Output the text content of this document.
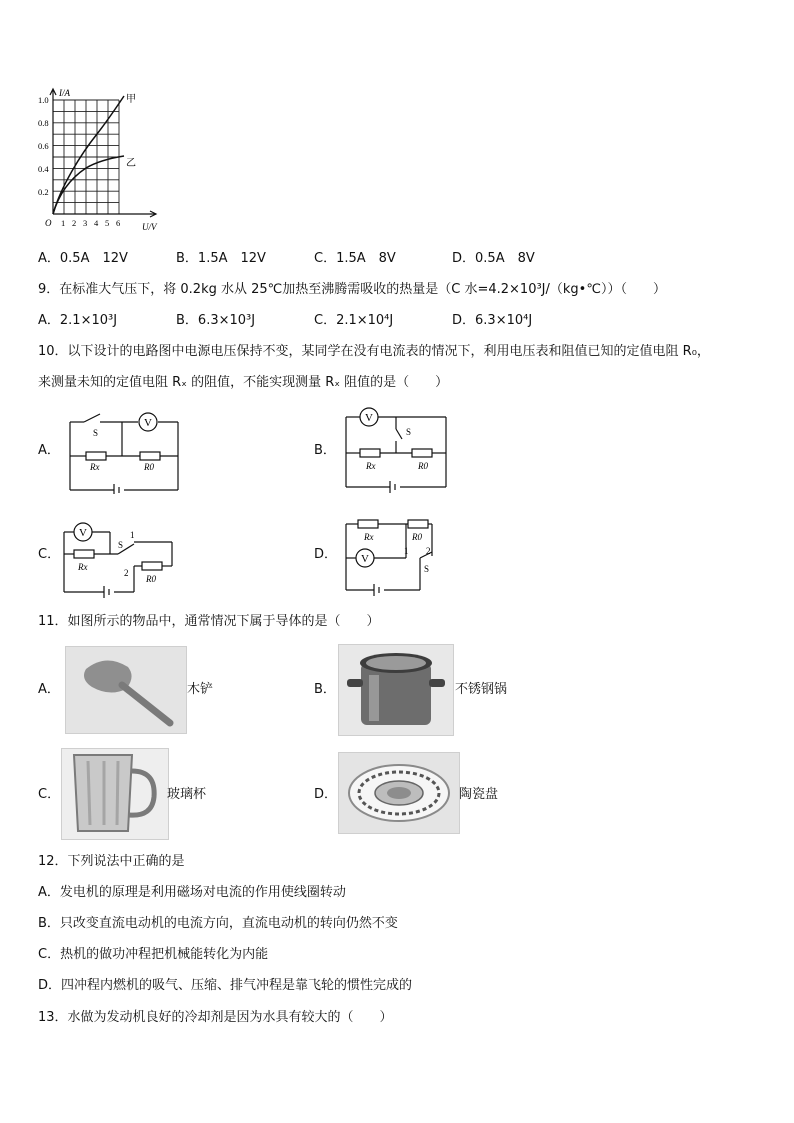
I/A
U/V
O
1.0
0.8
0.6
0.4
0.2
1 2 3 4 5 6
甲
乙
A．0.5A　12V	B．1.5A　12V	C．1.5A　8V	D．0.5A　8V
9．在标准大气压下，将 0.2kg 水从 25℃加热至沸腾需吸收的热量是（C 水=4.2×10³J/（kg•℃））（　　）
A．2.1×10³J	B．6.3×10³J	C．2.1×10⁴J	D．6.3×10⁴J
10．以下设计的电路图中电源电压保持不变，某同学在没有电流表的情况下，利用电压表和阻值已知的定值电阻 R₀，
来测量未知的定值电阻 Rₓ 的阻值，不能实现测量 Rₓ 阻值的是（　　）
A．
V
S
Rx	R0
B．
V
S
Rx	R0
C．
V
S
1
2
Rx
R0
D． V
Rx	R0
1 2
S
11．如图所示的物品中，通常情况下属于导体的是（　　）
A．	木铲	B．	不锈钢锅
C．	玻璃杯	D．	陶瓷盘
12．下列说法中正确的是
A．发电机的原理是利用磁场对电流的作用使线圈转动
B．只改变直流电动机的电流方向，直流电动机的转向仍然不变
C．热机的做功冲程把机械能转化为内能
D．四冲程内燃机的吸气、压缩、排气冲程是靠飞轮的惯性完成的
13．水做为发动机良好的冷却剂是因为水具有较大的（　　）
